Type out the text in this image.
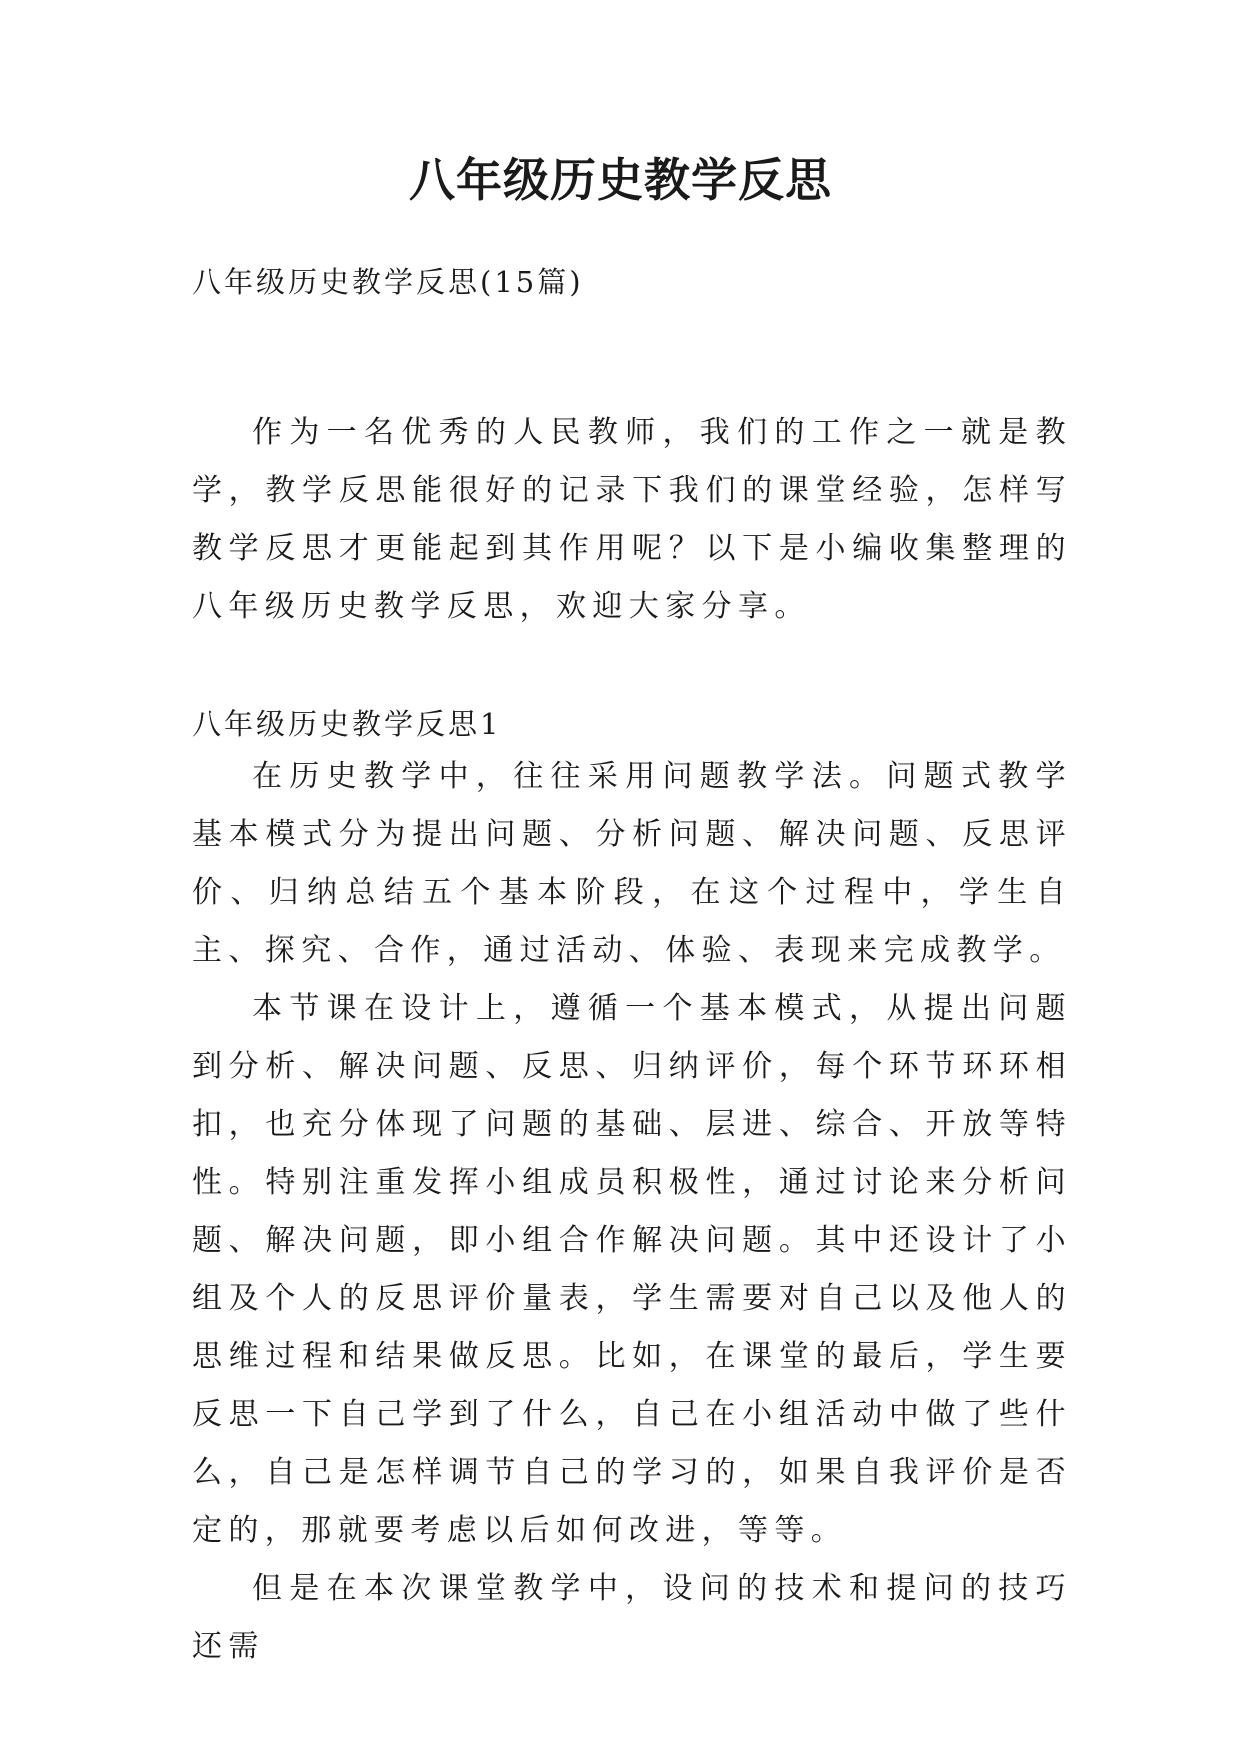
八年级历史教学反思
八年级历史教学反思(15篇)

作为一名优秀的人民教师，我们的工作之一就是教学，教学反思能很好的记录下我们的课堂经验，怎样写教学反思才更能起到其作用呢？以下是小编收集整理的八年级历史教学反思，欢迎大家分享。

八年级历史教学反思1

在历史教学中，往往采用问题教学法。问题式教学基本模式分为提出问题、分析问题、解决问题、反思评价、归纳总结五个基本阶段，在这个过程中，学生自主、探究、合作，通过活动、体验、表现来完成教学。

本节课在设计上，遵循一个基本模式，从提出问题到分析、解决问题、反思、归纳评价，每个环节环环相扣，也充分体现了问题的基础、层进、综合、开放等特性。特别注重发挥小组成员积极性，通过讨论来分析问题、解决问题，即小组合作解决问题。其中还设计了小组及个人的反思评价量表，学生需要对自己以及他人的思维过程和结果做反思。比如，在课堂的最后，学生要反思一下自己学到了什么，自己在小组活动中做了些什么，自己是怎样调节自己的学习的，如果自我评价是否定的，那就要考虑以后如何改进，等等。

但是在本次课堂教学中，设问的技术和提问的技巧还需
